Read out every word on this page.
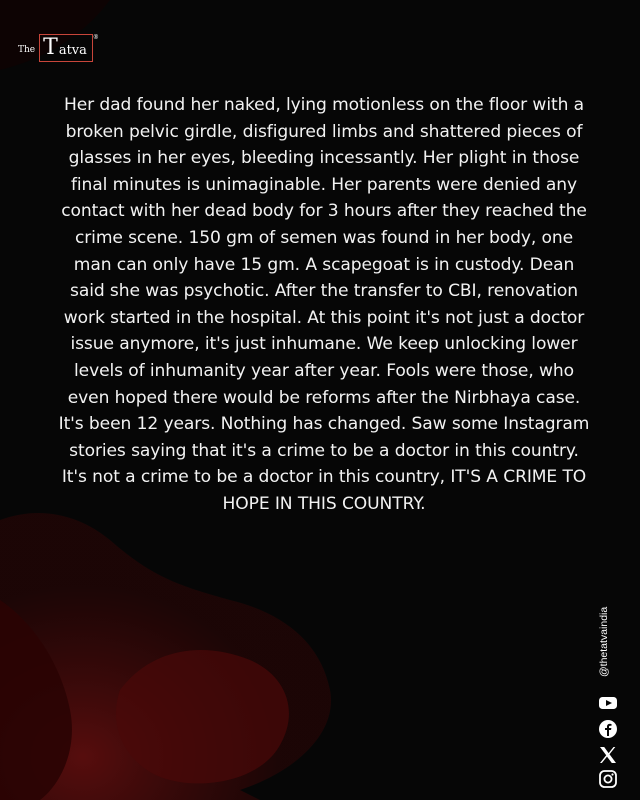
The T atva
®

Her dad found her naked, lying motionless on the floor with a broken pelvic girdle, disfigured limbs and shattered pieces of glasses in her eyes, bleeding incessantly. Her plight in those final minutes is unimaginable. Her parents were denied any contact with her dead body for 3 hours after they reached the crime scene. 150 gm of semen was found in her body, one man can only have 15 gm. A scapegoat is in custody. Dean said she was psychotic. After the transfer to CBI, renovation work started in the hospital. At this point it's not just a doctor issue anymore, it's just inhumane. We keep unlocking lower levels of inhumanity year after year. Fools were those, who even hoped there would be reforms after the Nirbhaya case. It's been 12 years. Nothing has changed. Saw some Instagram stories saying that it's a crime to be a doctor in this country.

It's not a crime to be a doctor in this country, IT'S A CRIME TO HOPE IN THIS COUNTRY.

@thetatvaindia
